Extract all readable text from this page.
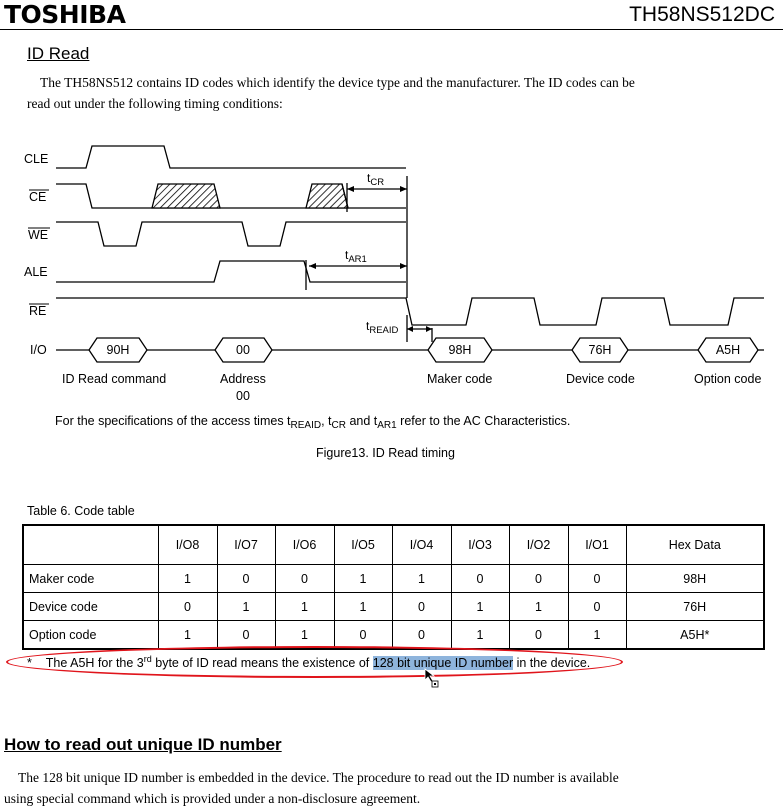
TOSHIBA	TH58NS512DC
ID Read
The TH58NS512 contains ID codes which identify the device type and the manufacturer. The ID codes can be
read out under the following timing conditions:
CLE
CE
WE
ALE
RE
I/O	90H	00	98H	76H	A5H
ID Read command	Address
00
Maker code	Device code	Option code
$t_{CR}$
$t_{AR1}$
$t_{REAID}$
For the specifications of the access times $t_{REAID}$, $t_{CR}$ and $t_{AR1}$ refer to the AC Characteristics.
Figure13. ID Read timing
Table 6. Code table
	I/O8	I/O7	I/O6	I/O5	I/O4	I/O3	I/O2	I/O1	Hex Data
Maker code	1	0	0	1	1	0	0	0	98H
Device code	0	1	1	1	0	1	1	0	76H
Option code	1	0	1	0	0	1	0	1	A5H*
* The A5H for the 3rd byte of ID read means the existence of 128 bit unique ID number in the device.
How to read out unique ID number
The 128 bit unique ID number is embedded in the device. The procedure to read out the ID number is available
using special command which is provided under a non-disclosure agreement.
